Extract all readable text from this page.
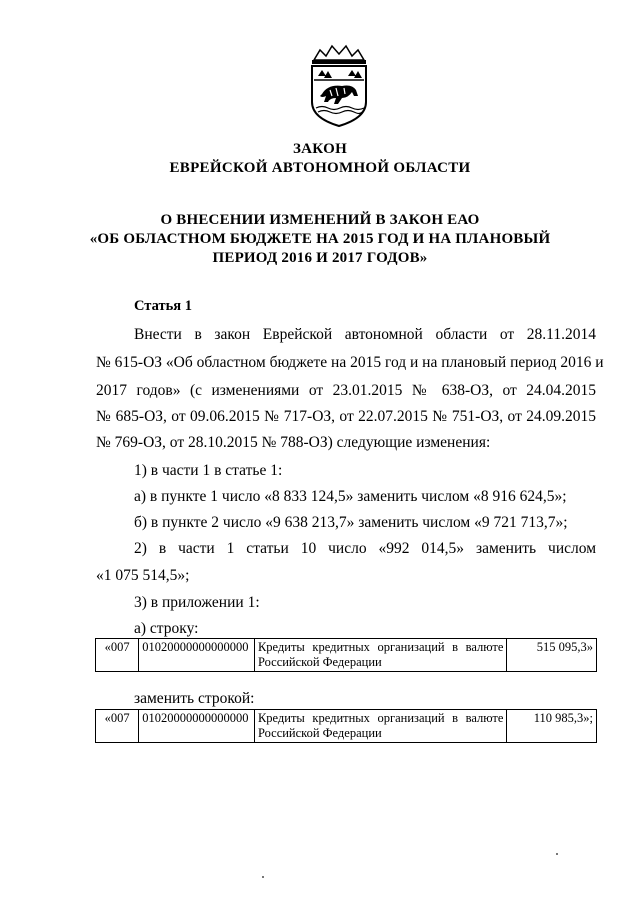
ЗАКОН
ЕВРЕЙСКОЙ АВТОНОМНОЙ ОБЛАСТИ
О ВНЕСЕНИИ ИЗМЕНЕНИЙ В ЗАКОН ЕАО
«ОБ ОБЛАСТНОМ БЮДЖЕТЕ НА 2015 ГОД И НА ПЛАНОВЫЙ
ПЕРИОД 2016 И 2017 ГОДОВ»
Статья 1
Внести в закон Еврейской автономной области от 28.11.2014
№ 615-ОЗ «Об областном бюджете на 2015 год и на плановый период 2016 и
2017 годов» (с изменениями от 23.01.2015 № 638-ОЗ, от 24.04.2015
№ 685-ОЗ, от 09.06.2015 № 717-ОЗ, от 22.07.2015 № 751-ОЗ, от 24.09.2015
№ 769-ОЗ, от 28.10.2015 № 788-ОЗ) следующие изменения:
1) в части 1 в статье 1:
а) в пункте 1 число «8 833 124,5» заменить числом «8 916 624,5»;
б) в пункте 2 число «9 638 213,7» заменить числом «9 721 713,7»;
2) в части 1 статьи 10 число «992 014,5» заменить числом
«1 075 514,5»;
3) в приложении 1:
а) строку:
«007	01020000000000000	Кредиты кредитных организаций в валюте Российской Федерации	515 095,3»
заменить строкой:
«007	01020000000000000	Кредиты кредитных организаций в валюте Российской Федерации	110 985,3»;
